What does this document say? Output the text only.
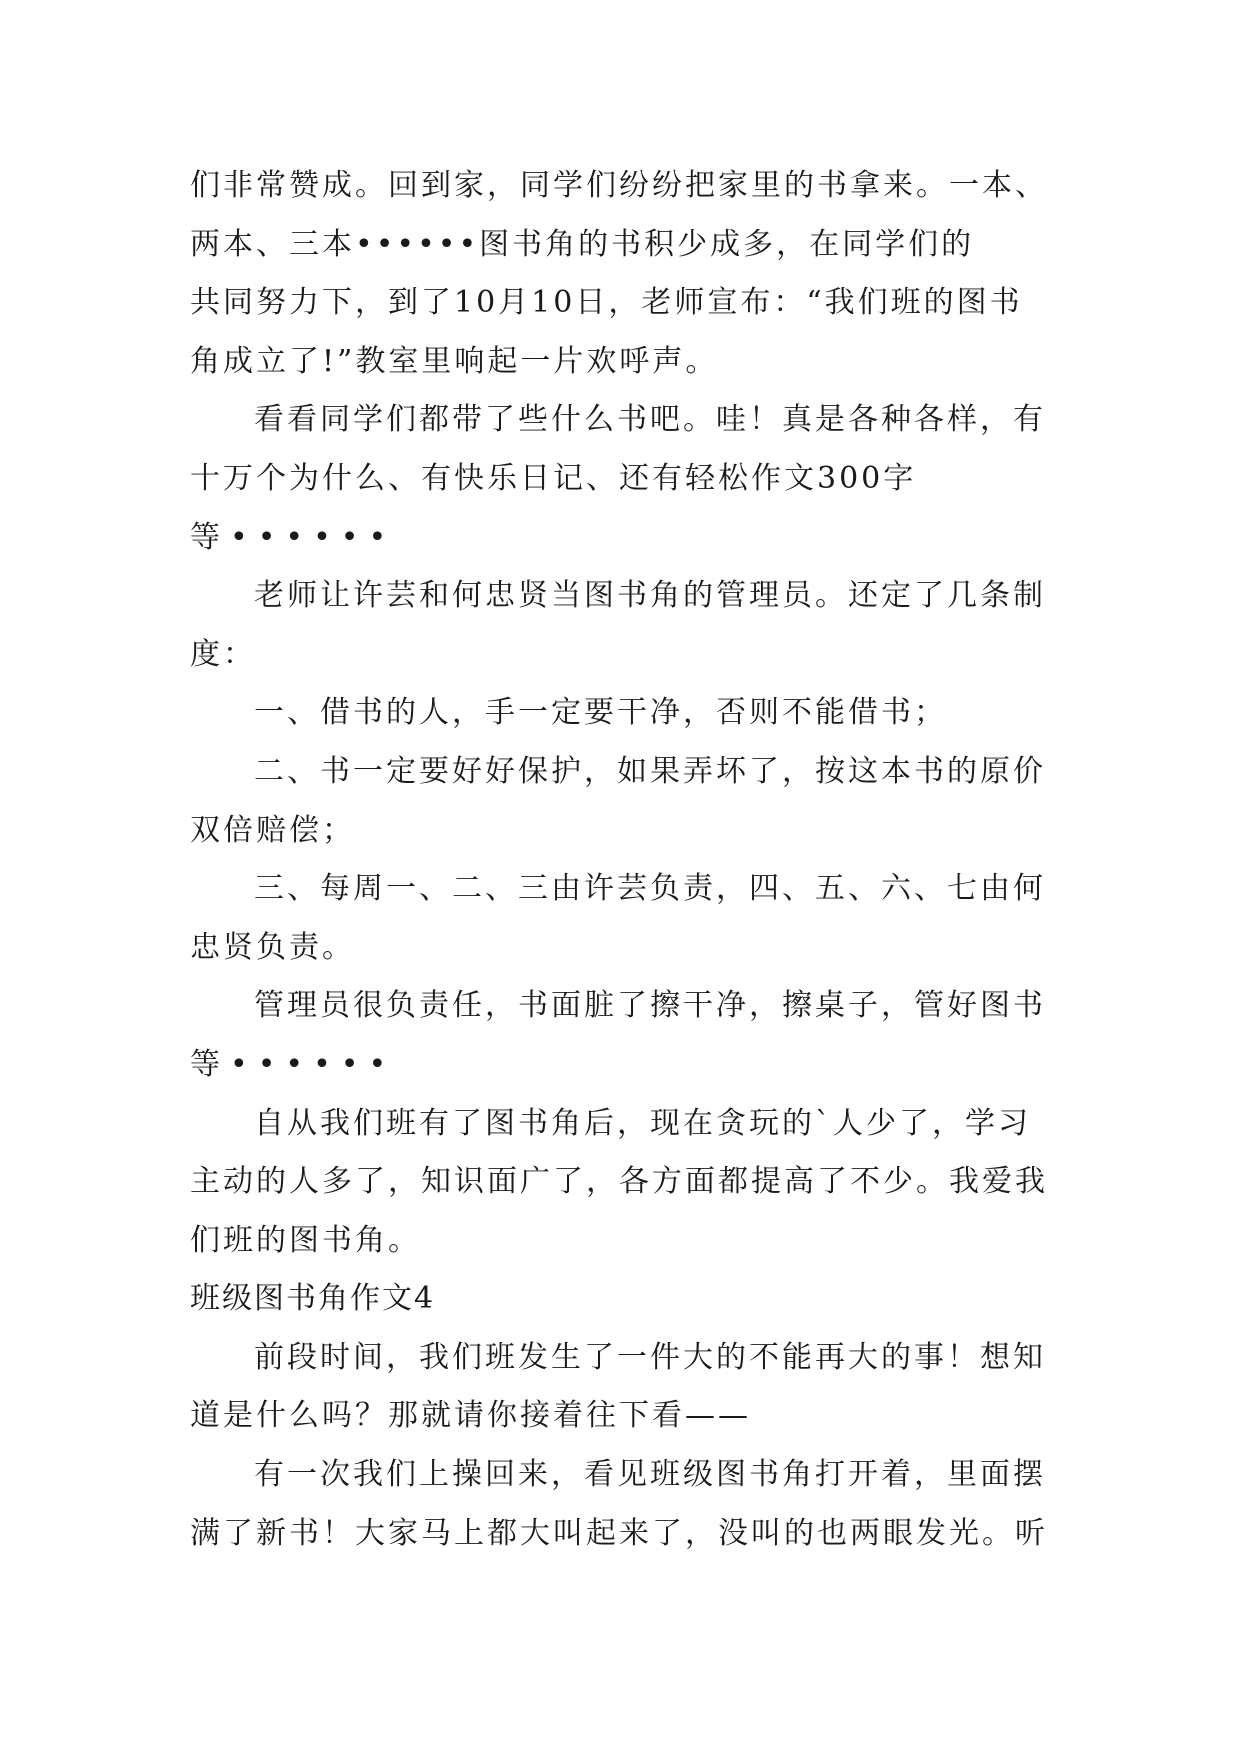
们非常赞成。回到家，同学们纷纷把家里的书拿来。一本、
两本、三本••••••图书角的书积少成多，在同学们的
共同努力下，到了10月10日，老师宣布：“我们班的图书
角成立了!”教室里响起一片欢呼声。
看看同学们都带了些什么书吧。哇！真是各种各样，有
十万个为什么、有快乐日记、还有轻松作文300字
等••••••
老师让许芸和何忠贤当图书角的管理员。还定了几条制
度：
一、借书的人，手一定要干净，否则不能借书；
二、书一定要好好保护，如果弄坏了，按这本书的原价
双倍赔偿；
三、每周一、二、三由许芸负责，四、五、六、七由何
忠贤负责。
管理员很负责任，书面脏了擦干净，擦桌子，管好图书
等••••••
自从我们班有了图书角后，现在贪玩的`人少了，学习
主动的人多了，知识面广了，各方面都提高了不少。我爱我
们班的图书角。
班级图书角作文4
前段时间，我们班发生了一件大的不能再大的事！想知
道是什么吗？那就请你接着往下看——
有一次我们上操回来，看见班级图书角打开着，里面摆
满了新书！大家马上都大叫起来了，没叫的也两眼发光。听
